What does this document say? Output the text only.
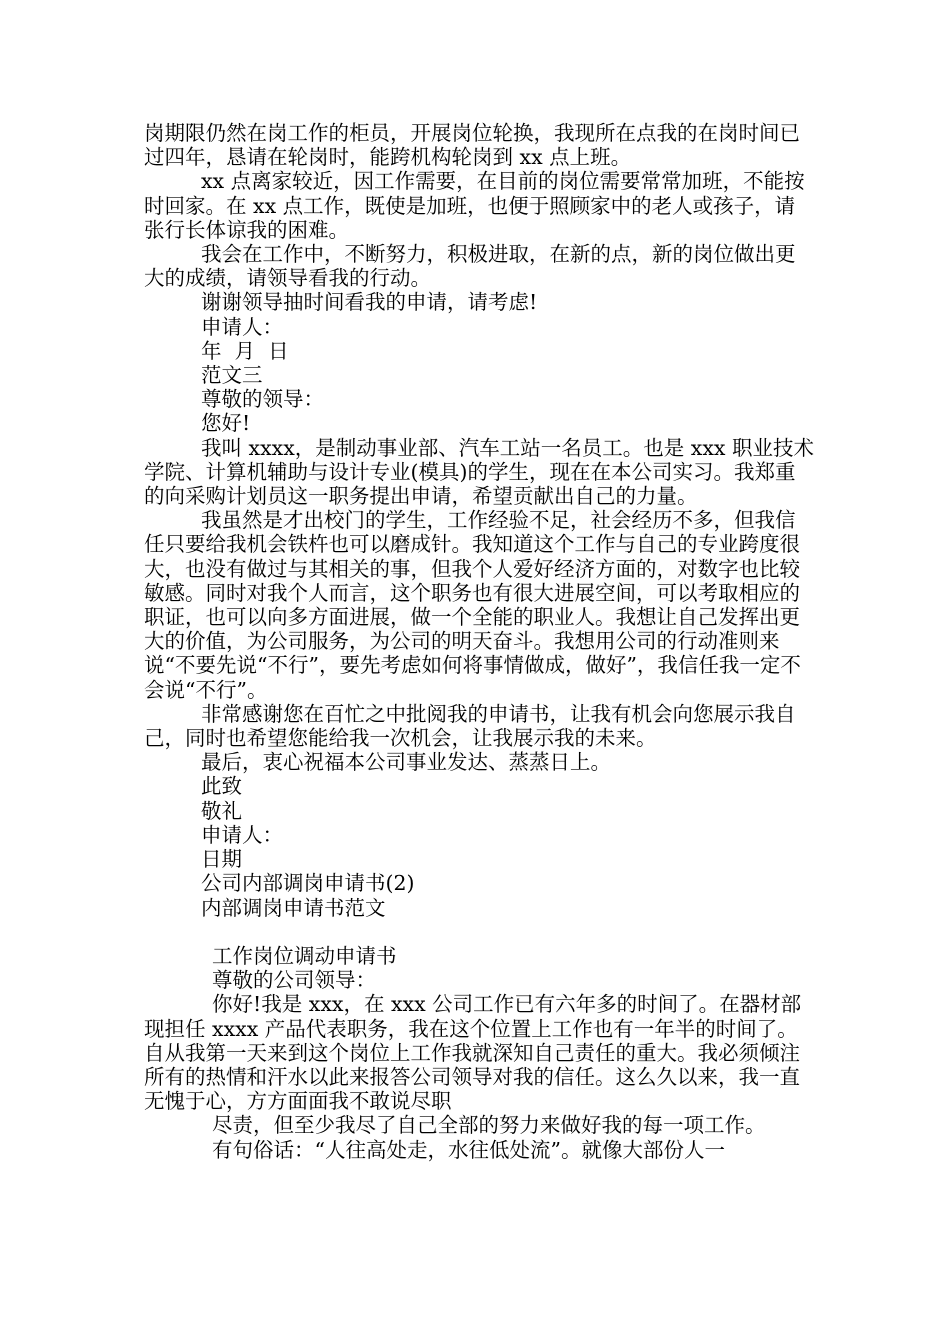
岗期限仍然在岗工作的柜员，开展岗位轮换，我现所在点我的在岗时间已过四年，恳请在轮岗时，能跨机构轮岗到 xx 点上班。

xx 点离家较近，因工作需要，在目前的岗位需要常常加班，不能按时回家。在 xx 点工作，既使是加班，也便于照顾家中的老人或孩子，请张行长体谅我的困难。

我会在工作中，不断努力，积极进取，在新的点，新的岗位做出更大的成绩，请领导看我的行动。

谢谢领导抽时间看我的申请，请考虑!

申请人：

年  月  日

范文三

尊敬的领导：

您好!

我叫 xxxx，是制动事业部、汽车工站一名员工。也是 xxx 职业技术学院、计算机辅助与设计专业(模具)的学生，现在在本公司实习。我郑重的向采购计划员这一职务提出申请，希望贡献出自己的力量。

我虽然是才出校门的学生，工作经验不足，社会经历不多，但我信任只要给我机会铁杵也可以磨成针。我知道这个工作与自己的专业跨度很大，也没有做过与其相关的事，但我个人爱好经济方面的，对数字也比较敏感。同时对我个人而言，这个职务也有很大进展空间，可以考取相应的职证，也可以向多方面进展，做一个全能的职业人。我想让自己发挥出更大的价值，为公司服务，为公司的明天奋斗。我想用公司的行动准则来说“不要先说“不行”，要先考虑如何将事情做成，做好”，我信任我一定不会说“不行”。

非常感谢您在百忙之中批阅我的申请书，让我有机会向您展示我自己，同时也希望您能给我一次机会，让我展示我的未来。

最后，衷心祝福本公司事业发达、蒸蒸日上。

此致

敬礼

申请人：

日期

公司内部调岗申请书(2)

内部调岗申请书范文

工作岗位调动申请书

尊敬的公司领导：

你好!我是 xxx，在 xxx 公司工作已有六年多的时间了。在器材部现担任 xxxx 产品代表职务，我在这个位置上工作也有一年半的时间了。自从我第一天来到这个岗位上工作我就深知自己责任的重大。我必须倾注所有的热情和汗水以此来报答公司领导对我的信任。这么久以来，我一直无愧于心，方方面面我不敢说尽职

尽责，但至少我尽了自己全部的努力来做好我的每一项工作。

有句俗话：“人往高处走，水往低处流”。就像大部份人一
